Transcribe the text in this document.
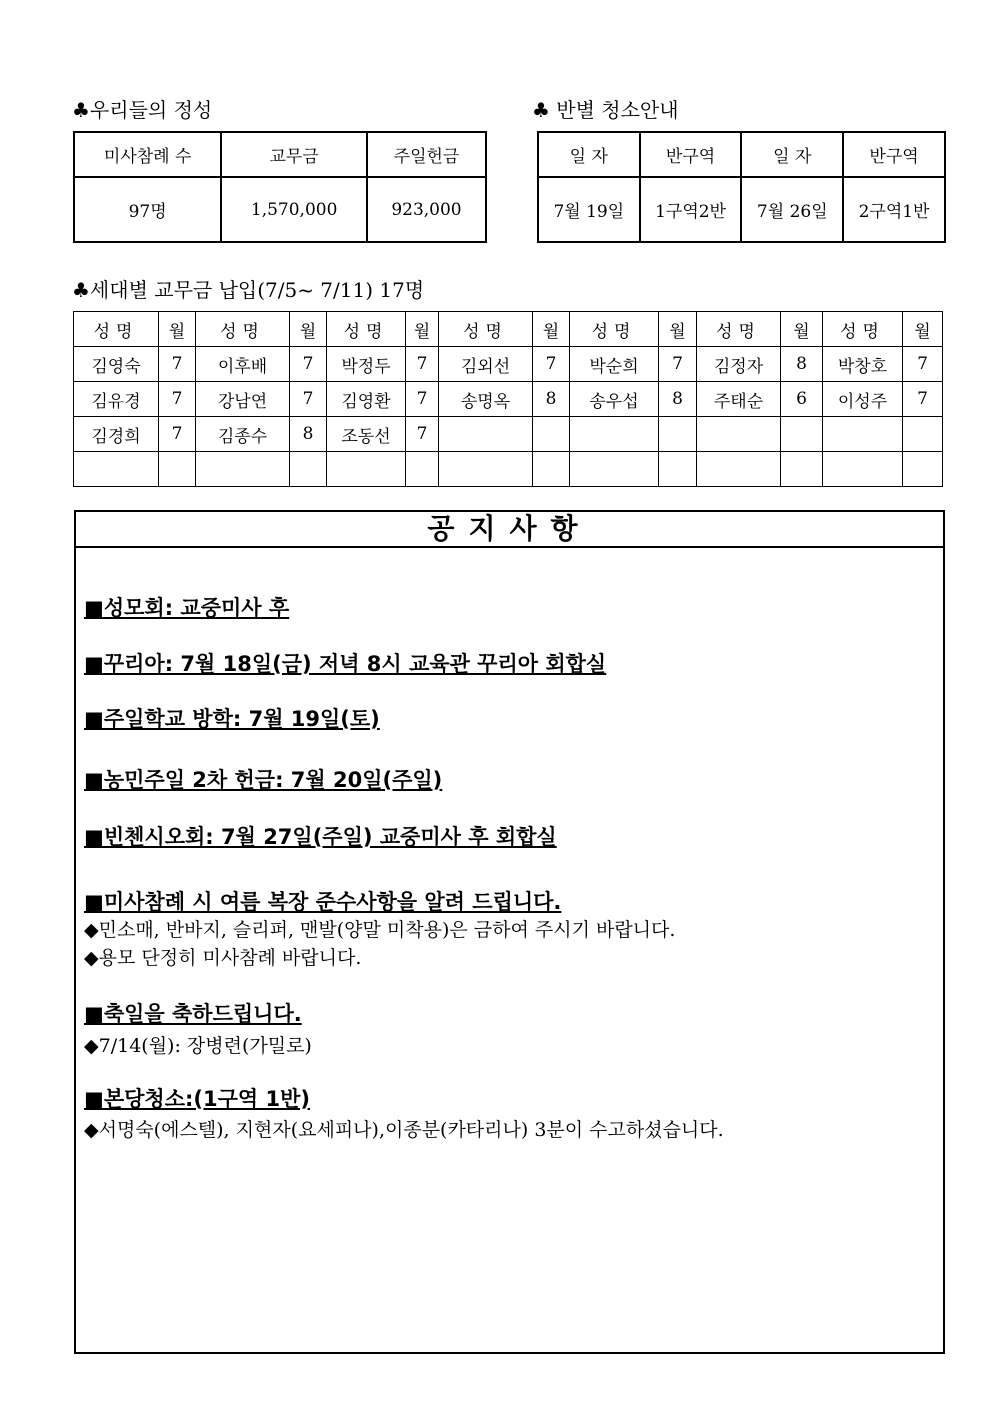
♣우리들의 정성
미사참례 수	교무금	주일헌금
97명	1,570,000	923,000
♣ 반별 청소안내
일 자	반구역	일 자	반구역
7월 19일	1구역2반	7월 26일	2구역1반
♣세대별 교무금 납입(7/5~ 7/11) 17명
성명	월	성명	월	성명	월	성명	월	성명	월	성명	월	성명	월
김영숙	7	이후배	7	박정두	7	김외선	7	박순희	7	김정자	8	박창호	7
김유경	7	강남연	7	김영환	7	송명옥	8	송우섭	8	주태순	6	이성주	7
김경희	7	김종수	8	조동선	7								

공지사항
■성모회: 교중미사 후
■꾸리아: 7월 18일(금) 저녁 8시 교육관 꾸리아 회합실
■주일학교 방학: 7월 19일(토)
■농민주일 2차 헌금: 7월 20일(주일)
■빈첸시오회: 7월 27일(주일) 교중미사 후 회합실
■미사참례 시 여름 복장 준수사항을 알려 드립니다.
◆민소매, 반바지, 슬리퍼, 맨발(양말 미착용)은 금하여 주시기 바랍니다.
◆용모 단정히 미사참례 바랍니다.
■축일을 축하드립니다.
◆7/14(월): 장병련(가밀로)
■본당청소:(1구역 1반)
◆서명숙(에스텔), 지현자(요세피나),이종분(카타리나) 3분이 수고하셨습니다.
